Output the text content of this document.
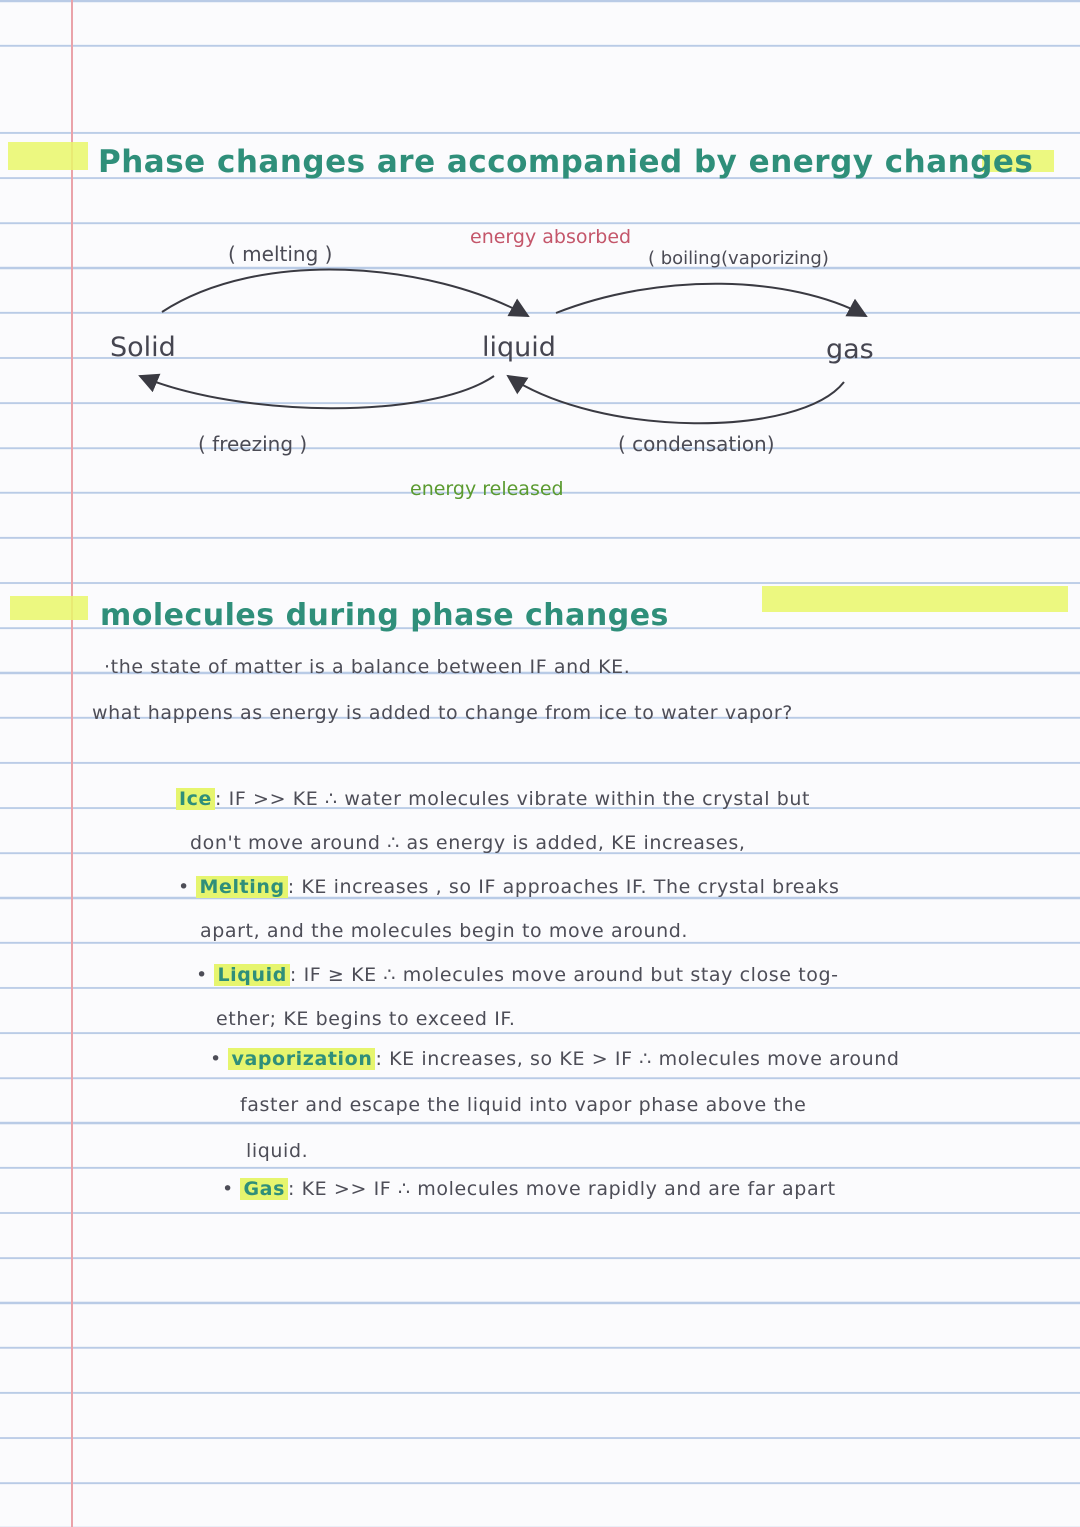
Phase changes are accompanied by energy changes
energy absorbed
( melting )	( boiling(vaporizing)
Solid	liquid	gas
( freezing )	( condensation)
energy released
molecules during phase changes
·the state of matter is a balance between IF and KE.
what happens as energy is added to change from ice to water vapor?
Ice : IF >> KE ∴ water molecules vibrate within the crystal but
don't move around ∴ as energy is added, KE increases,
• Melting : KE increases , so IF approaches IF. The crystal breaks
apart, and the molecules begin to move around.
• Liquid : IF ≥ KE ∴ molecules move around but stay close tog-
ether; KE begins to exceed IF.
• vaporization : KE increases, so KE > IF ∴ molecules move around
faster and escape the liquid into vapor phase above the
liquid.
• Gas : KE >> IF ∴ molecules move rapidly and are far apart
